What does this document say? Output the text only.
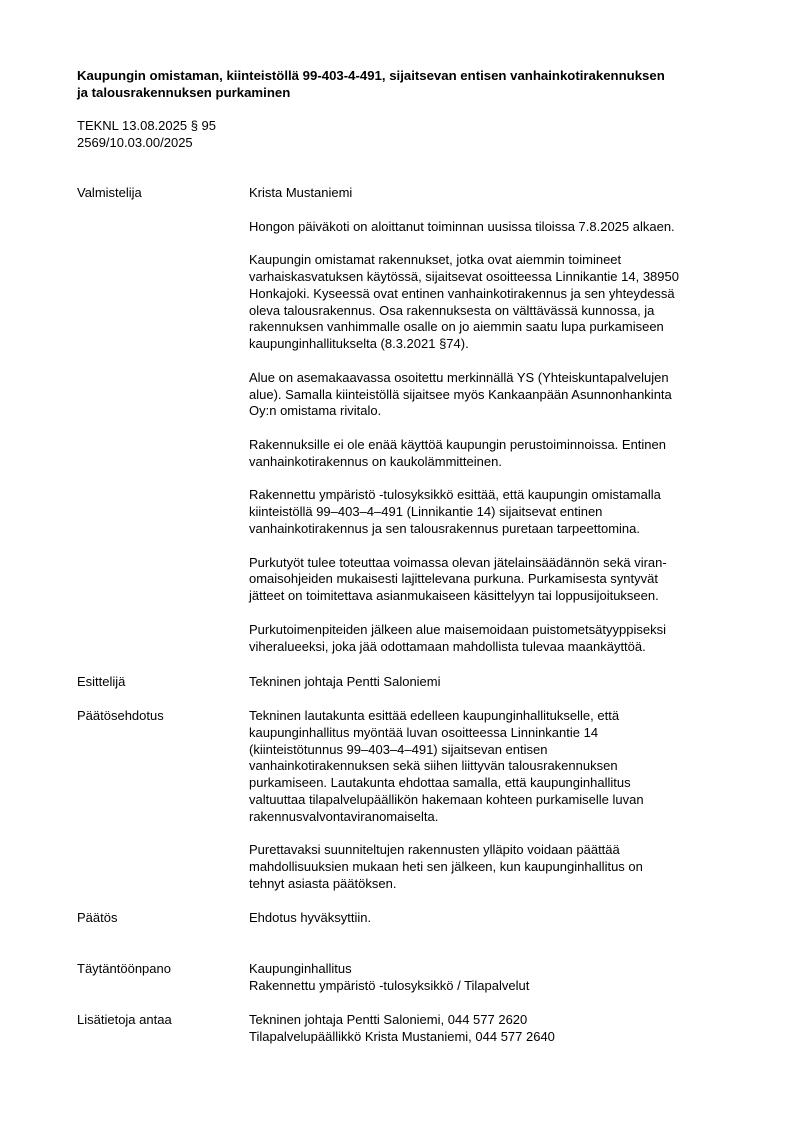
Kaupungin omistaman, kiinteistöllä 99-403-4-491, sijaitsevan entisen vanhainkotirakennuksen
ja talousrakennuksen purkaminen
TEKNL 13.08.2025 § 95
2569/10.03.00/2025
Valmistelija	Krista Mustaniemi

Hongon päiväkoti on aloittanut toiminnan uusissa tiloissa 7.8.2025 alkaen.

Kaupungin omistamat rakennukset, jotka ovat aiemmin toimineet
varhaiskasvatuksen käytössä, sijaitsevat osoitteessa Linnikantie 14, 38950
Honkajoki. Kyseessä ovat entinen vanhainkotirakennus ja sen yhteydessä
oleva talousrakennus. Osa rakennuksesta on välttävässä kunnossa, ja
rakennuksen vanhimmalle osalle on jo aiemmin saatu lupa purkamiseen
kaupunginhallitukselta (8.3.2021 §74).

Alue on asemakaavassa osoitettu merkinnällä YS (Yhteiskuntapalvelujen
alue). Samalla kiinteistöllä sijaitsee myös Kankaanpään Asunnonhankinta
Oy:n omistama rivitalo.

Rakennuksille ei ole enää käyttöä kaupungin perustoiminnoissa. Entinen
vanhainkotirakennus on kaukolämmitteinen.

Rakennettu ympäristö -tulosyksikkö esittää, että kaupungin omistamalla
kiinteistöllä 99–403–4–491 (Linnikantie 14) sijaitsevat entinen
vanhainkotirakennus ja sen talousrakennus puretaan tarpeettomina.

Purkutyöt tulee toteuttaa voimassa olevan jätelainsäädännön sekä viran-
omaisohjeiden mukaisesti lajittelevana purkuna. Purkamisesta syntyvät
jätteet on toimitettava asianmukaiseen käsittelyyn tai loppusijoitukseen.

Purkutoimenpiteiden jälkeen alue maisemoidaan puistometsätyyppiseksi
viheralueeksi, joka jää odottamaan mahdollista tulevaa maankäyttöä.

Esittelijä	Tekninen johtaja Pentti Saloniemi
Päätösehdotus	Tekninen lautakunta esittää edelleen kaupunginhallitukselle, että
kaupunginhallitus myöntää luvan osoitteessa Linninkantie 14
(kiinteistötunnus 99–403–4–491) sijaitsevan entisen
vanhainkotirakennuksen sekä siihen liittyvän talousrakennuksen
purkamiseen. Lautakunta ehdottaa samalla, että kaupunginhallitus
valtuuttaa tilapalvelupäällikön hakemaan kohteen purkamiselle luvan
rakennusvalvontaviranomaiselta.

Purettavaksi suunniteltujen rakennusten ylläpito voidaan päättää
mahdollisuuksien mukaan heti sen jälkeen, kun kaupunginhallitus on
tehnyt asiasta päätöksen.

Päätös	Ehdotus hyväksyttiin.
Täytäntöönpano	Kaupunginhallitus
Rakennettu ympäristö -tulosyksikkö / Tilapalvelut
Lisätietoja antaa	Tekninen johtaja Pentti Saloniemi, 044 577 2620
Tilapalvelupäällikkö Krista Mustaniemi, 044 577 2640
